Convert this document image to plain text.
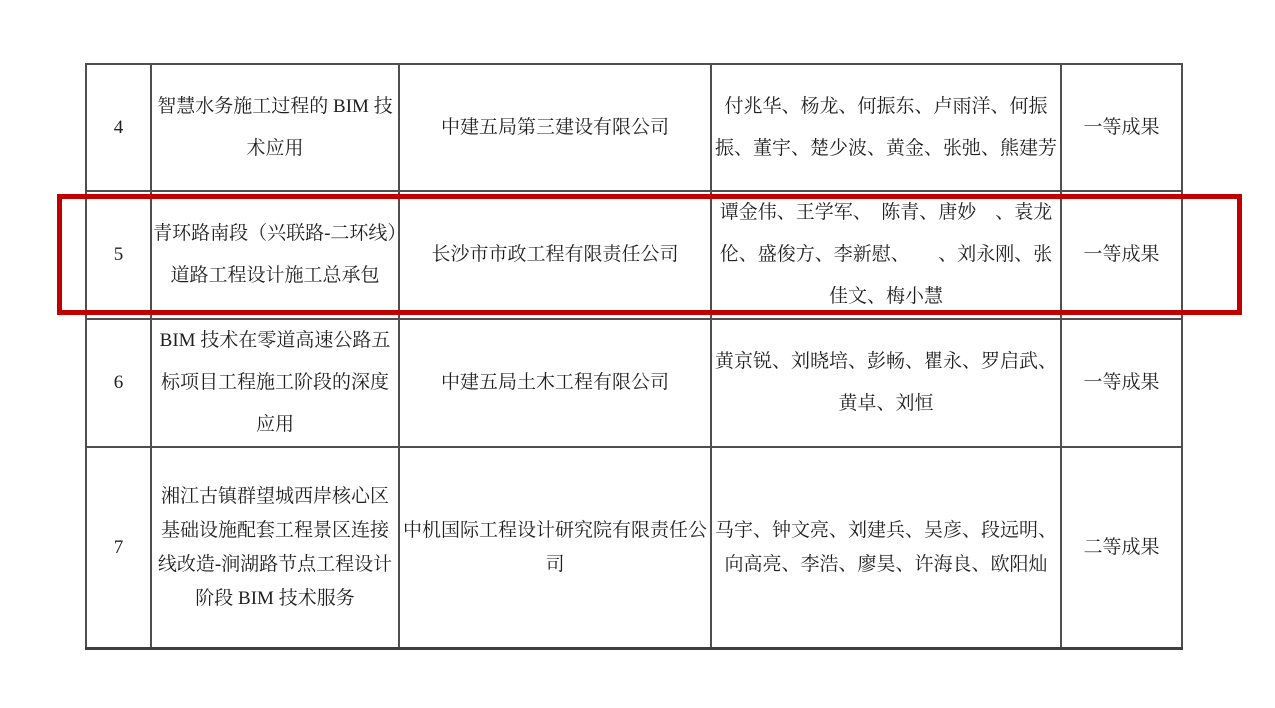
4	智慧水务施工过程的 BIM 技术应用	中建五局第三建设有限公司	付兆华、杨龙、何振东、卢雨洋、何振振、董宇、楚少波、黄金、张弛、熊建芳	一等成果
5	青环路南段（兴联路-二环线）道路工程设计施工总承包	长沙市市政工程有限责任公司	谭金伟、王学军、　陈青、唐妙　、袁龙伦、盛俊方、李新慰、　　、刘永刚、张佳文、梅小慧	一等成果
6	BIM 技术在零道高速公路五标项目工程施工阶段的深度应用	中建五局土木工程有限公司	黄京锐、刘晓培、彭畅、瞿永、罗启武、黄卓、刘恒	一等成果
7	湘江古镇群望城西岸核心区基础设施配套工程景区连接线改造-涧湖路节点工程设计阶段 BIM 技术服务	中机国际工程设计研究院有限责任公司	马宇、钟文亮、刘建兵、吴彦、段远明、向高亮、李浩、廖昊、许海良、欧阳灿	二等成果
